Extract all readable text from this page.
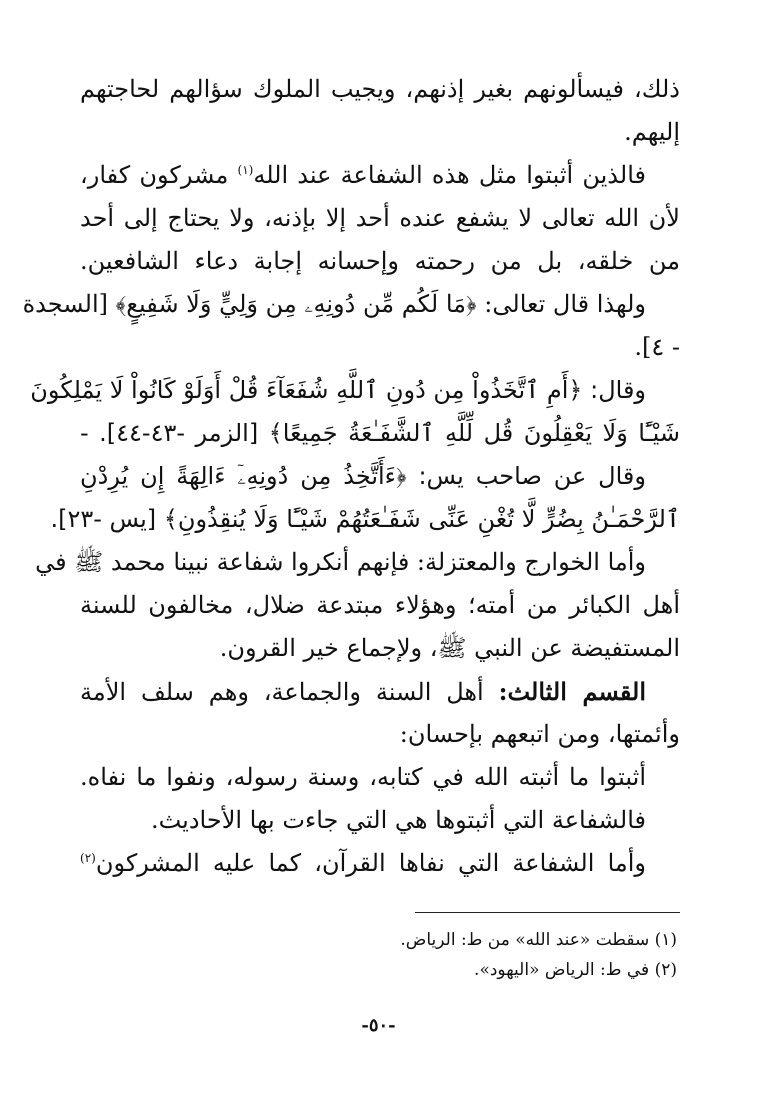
ذلك، فيسألونهم بغير إذنهم، ويجيب الملوك سؤالهم لحاجتهم
إليهم.
فالذين أثبتوا مثل هذه الشفاعة عند الله$^{(١)}$ مشركون كفار،
لأن الله تعالى لا يشفع عنده أحد إلا بإذنه، ولا يحتاج إلى أحد
من خلقه، بل من رحمته وإحسانه إجابة دعاء الشافعين.
ولهذا قال تعالى: ﴿مَا لَكُم مِّن دُونِهِۦ مِن وَلِيٍّ وَلَا شَفِيعٍ﴾ [السجدة
- ٤].
وقال: ﴿أَمِ ٱتَّخَذُواْ مِن دُونِ ٱللَّهِ شُفَعَآءَ قُلْ أَوَلَوْ كَانُواْ لَا يَمْلِكُونَ
شَيْـًٔا وَلَا يَعْقِلُونَ قُل لِّلَّهِ ٱلشَّفَـٰعَةُ جَمِيعًا﴾ [الزمر -٤٣-٤٤]. -
وقال عن صاحب يس: ﴿ءَأَتَّخِذُ مِن دُونِهِۦٓ ءَالِهَةً إِن يُرِدْنِ
ٱلرَّحْمَـٰنُ بِضُرٍّ لَّا تُغْنِ عَنِّى شَفَـٰعَتُهُمْ شَيْـًٔا وَلَا يُنقِذُونِ﴾ [يس -٢٣].
وأما الخوارج والمعتزلة: فإنهم أنكروا شفاعة نبينا محمد ﷺ في
أهل الكبائر من أمته؛ وهؤلاء مبتدعة ضلال، مخالفون للسنة
المستفيضة عن النبي ﷺ، ولإجماع خير القرون.
القسم الثالث: أهل السنة والجماعة، وهم سلف الأمة
وأئمتها، ومن اتبعهم بإحسان:
أثبتوا ما أثبته الله في كتابه، وسنة رسوله، ونفوا ما نفاه.
فالشفاعة التي أثبتوها هي التي جاءت بها الأحاديث.
وأما الشفاعة التي نفاها القرآن، كما عليه المشركون$^{(٢)}$
(١) سقطت «عند الله» من ط: الرياض.
(٢) في ط: الرياض «اليهود».
-٥٠-
